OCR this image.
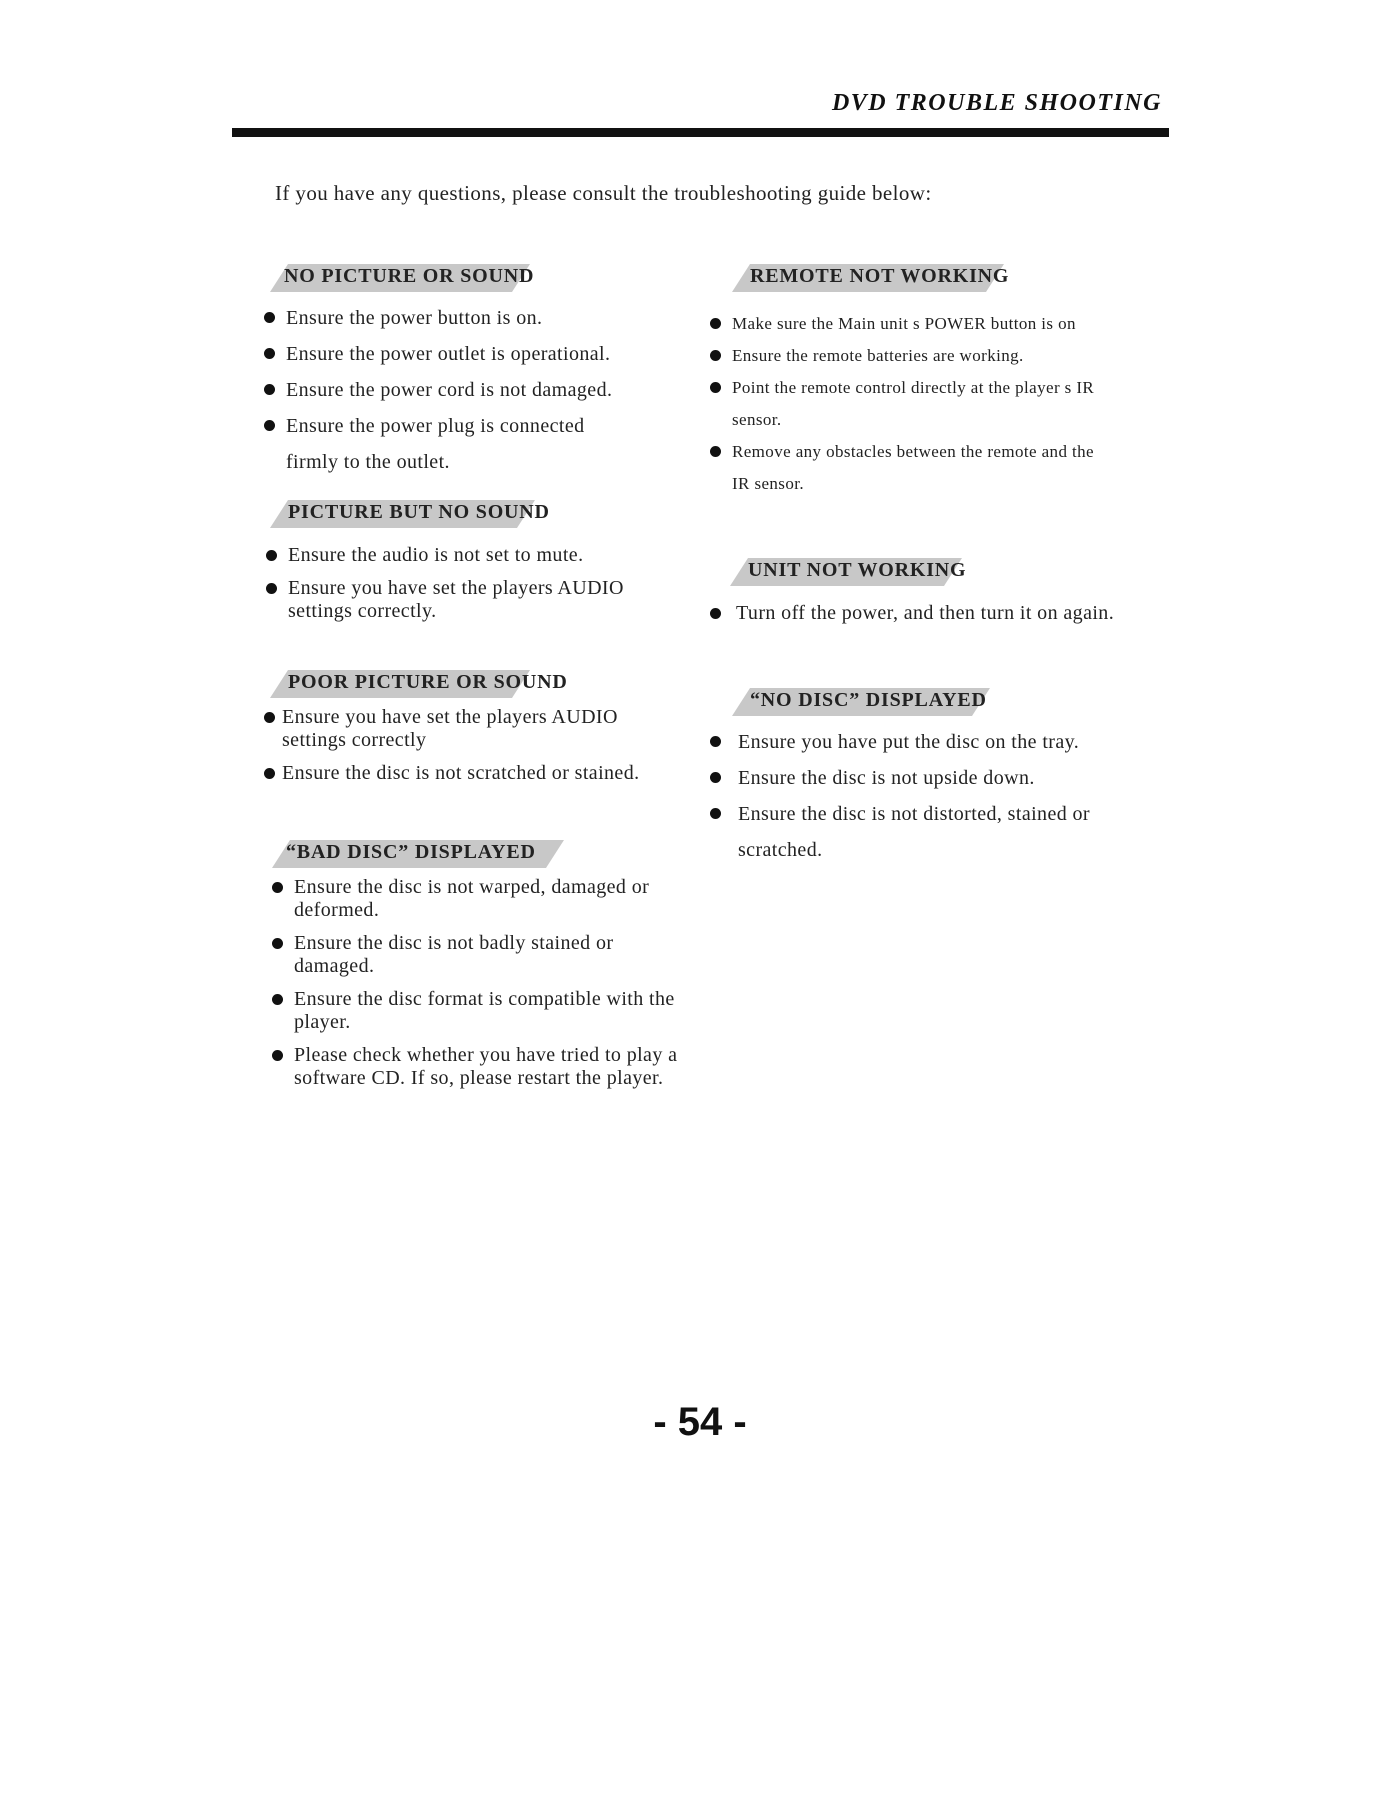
DVD TROUBLE SHOOTING
If you have any questions, please consult the troubleshooting guide below:
NO PICTURE OR SOUND
Ensure the power button is on.
Ensure the power outlet is operational.
Ensure the power cord is not damaged.
Ensure the power plug is connected firmly to the outlet.
PICTURE BUT NO SOUND
Ensure the audio is not set to mute.
Ensure you have set the players AUDIO settings correctly.
POOR PICTURE OR SOUND
Ensure you have set the players AUDIO settings correctly
Ensure the disc is not scratched or stained.
“BAD DISC” DISPLAYED
Ensure the disc is not warped, damaged or deformed.
Ensure the disc is not badly stained or damaged.
Ensure the disc format is compatible with the player.
Please check whether you have tried to play a software CD. If so, please restart the player.
REMOTE NOT WORKING
Make sure the Main unit s POWER button is on
Ensure the remote batteries are working.
Point the remote control directly at the player s IR sensor.
Remove any obstacles between the remote and the IR sensor.
UNIT NOT WORKING
Turn off the power, and then turn it on again.
“NO DISC” DISPLAYED
Ensure you have put the disc on the tray.
Ensure the disc is not upside down.
Ensure the disc is not distorted, stained or scratched.
- 54 -
